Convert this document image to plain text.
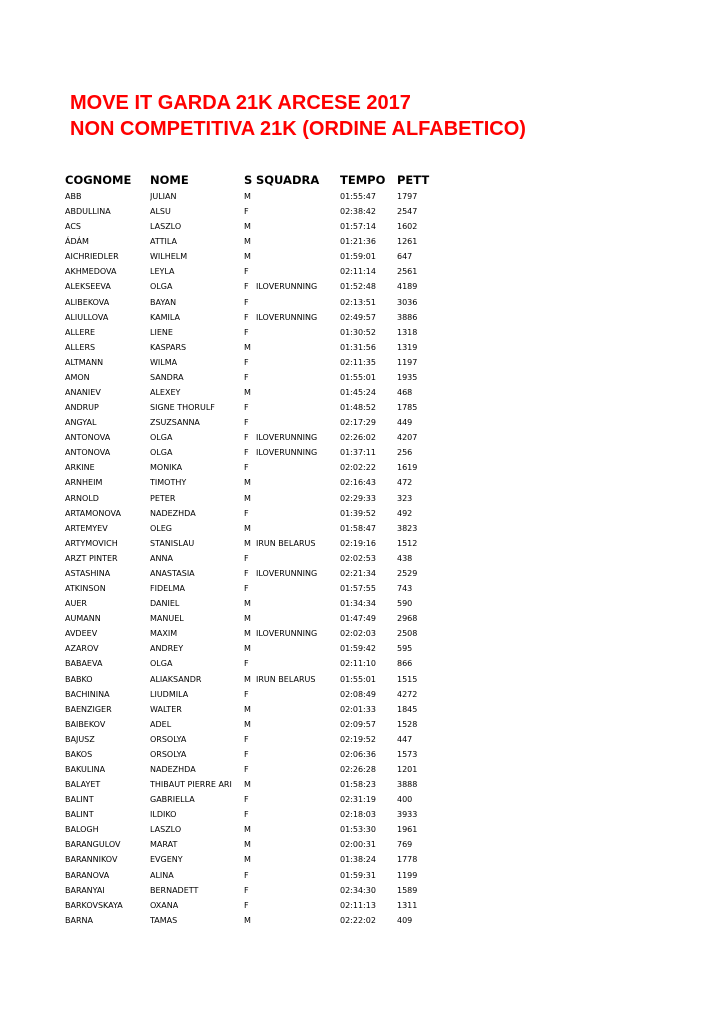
MOVE IT GARDA 21K ARCESE 2017
NON COMPETITIVA 21K (ORDINE ALFABETICO)
COGNOME	NOME	S SQUADRA	TEMPO	PETT
ABB	JULIAN	M	01:55:47	1797
ABDULLINA	ALSU	F	02:38:42	2547
ACS	LASZLO	M	01:57:14	1602
ÁDÁM	ATTILA	M	01:21:36	1261
AICHRIEDLER	WILHELM	M	01:59:01	647
AKHMEDOVA	LEYLA	F	02:11:14	2561
ALEKSEEVA	OLGA	F ILOVERUNNING	01:52:48	4189
ALIBEKOVA	BAYAN	F	02:13:51	3036
ALIULLOVA	KAMILA	F ILOVERUNNING	02:49:57	3886
ALLERE	LIENE	F	01:30:52	1318
ALLERS	KASPARS	M	01:31:56	1319
ALTMANN	WILMA	F	02:11:35	1197
AMON	SANDRA	F	01:55:01	1935
ANANIEV	ALEXEY	M	01:45:24	468
ANDRUP	SIGNE THORULF	F	01:48:52	1785
ANGYAL	ZSUZSANNA	F	02:17:29	449
ANTONOVA	OLGA	F ILOVERUNNING	02:26:02	4207
ANTONOVA	OLGA	F ILOVERUNNING	01:37:11	256
ARKINE	MONIKA	F	02:02:22	1619
ARNHEIM	TIMOTHY	M	02:16:43	472
ARNOLD	PETER	M	02:29:33	323
ARTAMONOVA	NADEZHDA	F	01:39:52	492
ARTEMYEV	OLEG	M	01:58:47	3823
ARTYMOVICH	STANISLAU	M IRUN BELARUS	02:19:16	1512
ARZT PINTER	ANNA	F	02:02:53	438
ASTASHINA	ANASTASIA	F ILOVERUNNING	02:21:34	2529
ATKINSON	FIDELMA	F	01:57:55	743
AUER	DANIEL	M	01:34:34	590
AUMANN	MANUEL	M	01:47:49	2968
AVDEEV	MAXIM	M ILOVERUNNING	02:02:03	2508
AZAROV	ANDREY	M	01:59:42	595
BABAEVA	OLGA	F	02:11:10	866
BABKO	ALIAKSANDR	M IRUN BELARUS	01:55:01	1515
BACHININA	LIUDMILA	F	02:08:49	4272
BAENZIGER	WALTER	M	02:01:33	1845
BAIBEKOV	ADEL	M	02:09:57	1528
BAJUSZ	ORSOLYA	F	02:19:52	447
BAKOS	ORSOLYA	F	02:06:36	1573
BAKULINA	NADEZHDA	F	02:26:28	1201
BALAYET	THIBAUT PIERRE ARI	M	01:58:23	3888
BALINT	GABRIELLA	F	02:31:19	400
BALINT	ILDIKO	F	02:18:03	3933
BALOGH	LASZLO	M	01:53:30	1961
BARANGULOV	MARAT	M	02:00:31	769
BARANNIKOV	EVGENY	M	01:38:24	1778
BARANOVA	ALINA	F	01:59:31	1199
BARANYAI	BERNADETT	F	02:34:30	1589
BARKOVSKAYA	OXANA	F	02:11:13	1311
BARNA	TAMAS	M	02:22:02	409
